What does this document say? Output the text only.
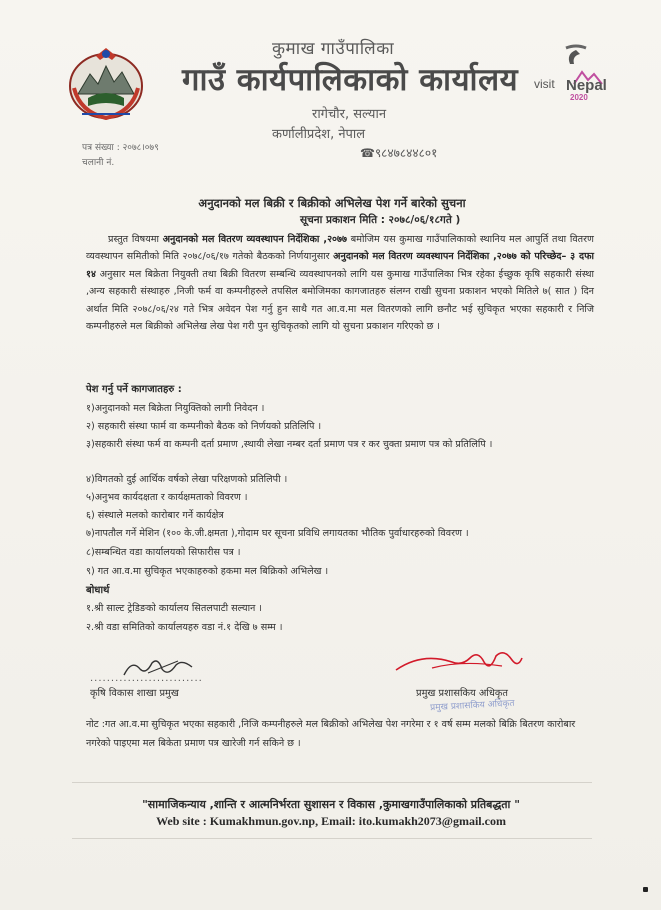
कुमाख गाउँपालिका
गाउँ कार्यपालिकाको कार्यालय
रागेचौर, सल्यान
कर्णालीप्रदेश, नेपाल
☎९८४७८४४८०१
पत्र संख्या : २०७८।०७९
चलानी नं.
visit Nepal
2020
अनुदानको मल बिक्री र बिक्रीको अभिलेख पेश गर्ने बारेको सुचना
सूचना प्रकाशन मिति : २०७८/०६/१८गते )
प्रस्तुत विषयमा अनुदानको मल वितरण व्यवस्थापन निर्देशिका ,२०७७ बमोजिम यस कुमाख गाउँपालिकाको स्थानिय मल आपुर्ति तथा वितरण व्यवस्थापन समितीको मिति २०७८/०६/१७ गतेको बैठकको निर्णयानुसार अनुदानको मल वितरण व्यवस्थापन निर्देशिका ,२०७७ को परिच्छेद– ३ दफा १४ अनुसार मल बिक्रेता नियुक्ती तथा बिक्री वितरण सम्बन्धि व्यवस्थापनको लागि यस कुमाख गाउँपालिका भित्र रहेका ईच्छुक कृषि सहकारी संस्था ,अन्य सहकारी संस्थाहरु ,निजी फर्म वा कम्पनीहरुले तपसिल बमोजिमका कागजातहरु संलग्न राखी सुचना प्रकाशन भएको मितिले ७( सात ) दिन अर्थात मिति २०७८/०६/२४ गते भित्र अवेदन पेश गर्नु हुन साथै गत आ.व.मा मल वितरणको लागि छनौट भई सुचिकृत भएका सहकारी र निजि कम्पनीहरुले मल बिक्रीको अभिलेख लेख पेश गरी पुन सुचिकृतको लागि यो सुचना प्रकाशन गरिएको छ ।
पेश गर्नु पर्ने कागजातहरु :
१)अनुदानको मल बिक्रेता नियुक्तिको लागी निवेदन ।
२) सहकारी संस्था फार्म वा कम्पनीको बैठक को निर्णयको प्रतिलिपि ।
३)सहकारी संस्था फर्म वा कम्पनी दर्ता प्रमाण ,स्थायी लेखा नम्बर दर्ता प्रमाण पत्र र कर चुक्ता प्रमाण पत्र को प्रतिलिपि ।
४)विगतको दुई आर्थिक वर्षको लेखा परिक्षणको प्रतिलिपी ।
५)अनुभव कार्यदक्षता र कार्यक्षमताको विवरण ।
६) संस्थाले मलको कारोबार गर्ने कार्यक्षेत्र
७)नापतौल गर्ने मेशिन (१०० के.जी.क्षमता ),गोदाम घर सूचना प्रविधि लगायतका भौतिक पुर्वाधारहरुको विवरण ।
८)सम्बन्धित वडा कार्यालयको सिफारीस पत्र ।
९) गत आ.व.मा सुचिकृत भएकाहरुको हकमा मल बिक्रिको अभिलेख ।
बोधार्थ
१.श्री साल्ट ट्रेडिङको कार्यालय सितलपाटी सल्यान ।
२.श्री वडा समितिको कार्यालयहरु वडा नं.१ देखि ७ सम्म ।
...........................
कृषि विकास शाखा प्रमुख	प्रमुख प्रशासकिय अधिकृत
प्रमुख प्रशासकिय अधिकृत
नोट :गत आ.व.मा सुचिकृत भएका सहकारी ,निजि कम्पनीहरुले मल बिक्रीको अभिलेख पेश नगरेमा र १ वर्ष सम्म मलको बिक्रि बितरण कारोबार नगरेको पाइएमा मल बिकेता प्रमाण पत्र खारेजी गर्न सकिने छ ।
"सामाजिकन्याय ,शान्ति र आत्मनिर्भरता सुशासन र विकास ,कुमाखगाउँपालिकाको प्रतिबद्धता "
Web site : Kumakhmun.gov.np, Email: ito.kumakh2073@gmail.com
